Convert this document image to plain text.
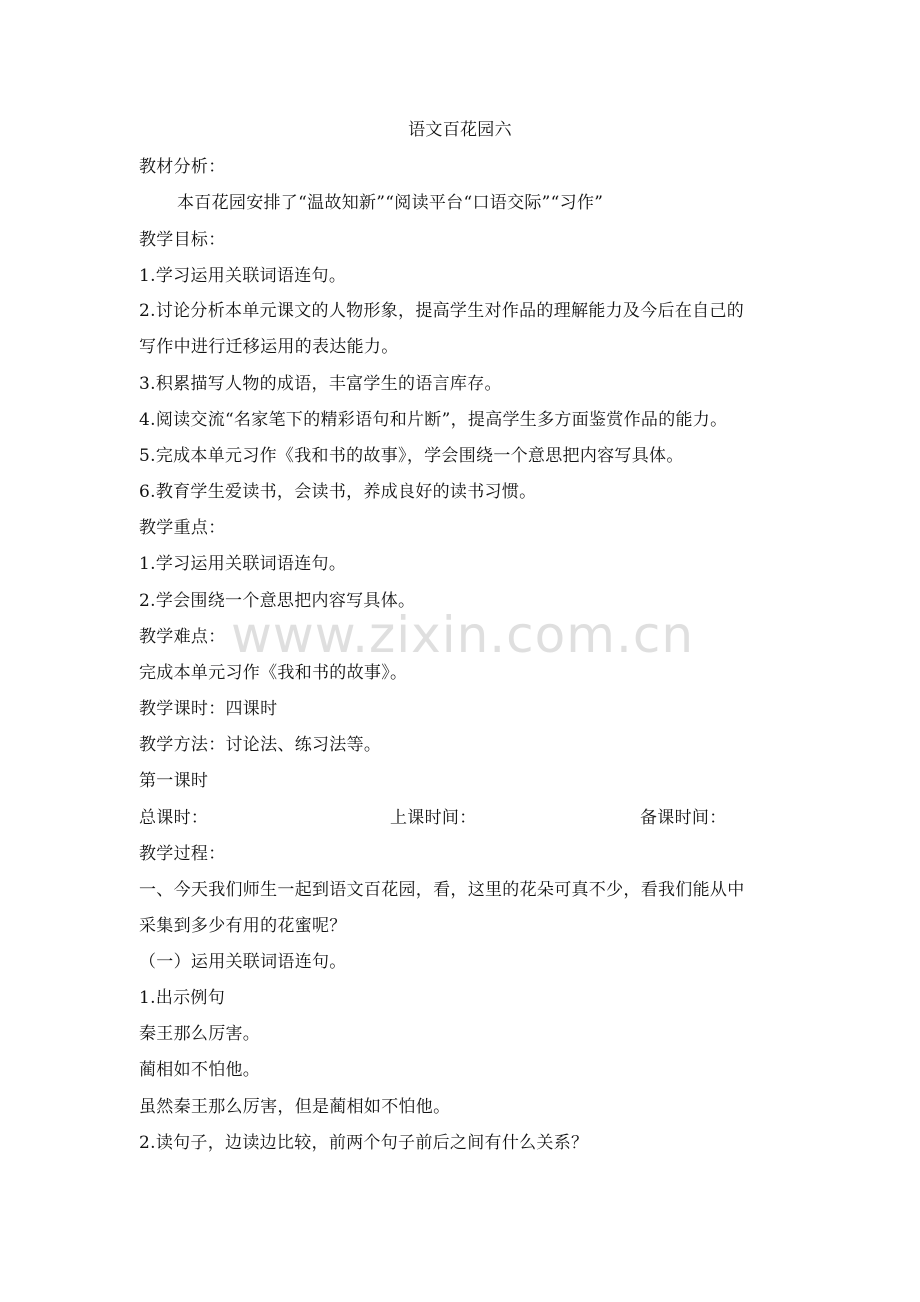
语文百花园六
教材分析：
本百花园安排了“温故知新”“阅读平台“口语交际”“习作”
教学目标：
1.学习运用关联词语连句。
2.讨论分析本单元课文的人物形象，提高学生对作品的理解能力及今后在自己的
写作中进行迁移运用的表达能力。
3.积累描写人物的成语，丰富学生的语言库存。
4.阅读交流“名家笔下的精彩语句和片断”，提高学生多方面鉴赏作品的能力。
5.完成本单元习作《我和书的故事》，学会围绕一个意思把内容写具体。
6.教育学生爱读书，会读书，养成良好的读书习惯。
教学重点：
1.学习运用关联词语连句。
2.学会围绕一个意思把内容写具体。
教学难点：
完成本单元习作《我和书的故事》。
教学课时：四课时
教学方法：讨论法、练习法等。
第一课时
总课时：	上课时间：	备课时间：
教学过程：
一、今天我们师生一起到语文百花园，看，这里的花朵可真不少，看我们能从中
采集到多少有用的花蜜呢？
（一）运用关联词语连句。
1.出示例句
秦王那么厉害。
蔺相如不怕他。
虽然秦王那么厉害，但是蔺相如不怕他。
2.读句子，边读边比较，前两个句子前后之间有什么关系？
www.zixin.com.cn
